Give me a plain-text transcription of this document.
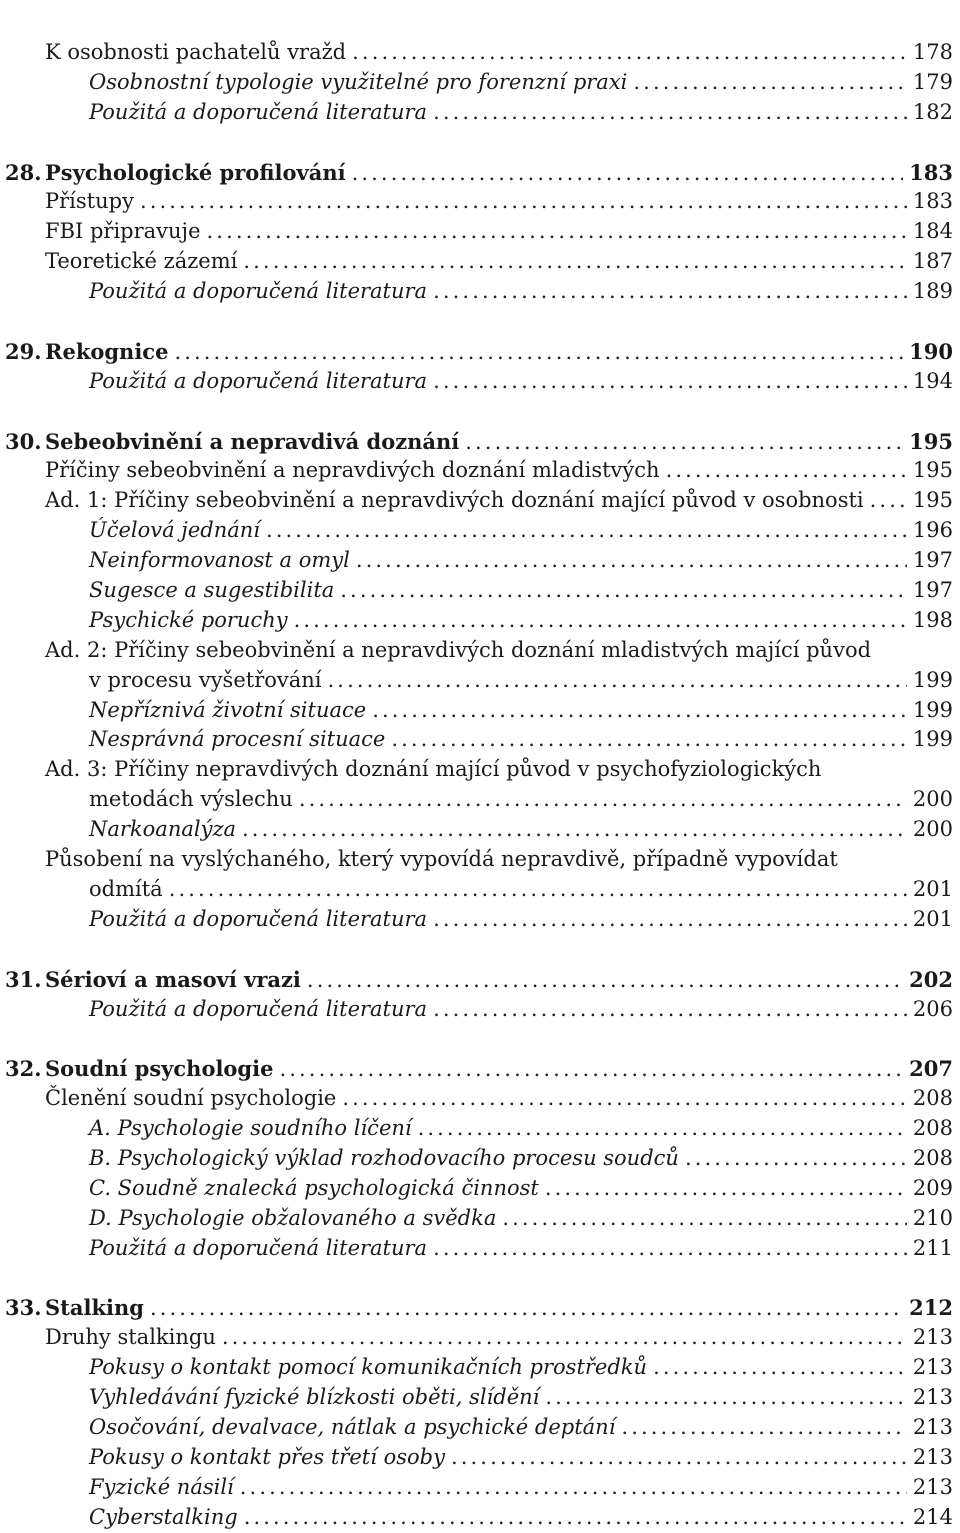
K osobnosti pachatelů vražd .....	178
Osobnostní typologie využitelné pro forenzní praxi .....	179
Použitá a doporučená literatura .....	182
28. Psychologické profilování .....	183
Přístupy .....	183
FBI připravuje .....	184
Teoretické zázemí .....	187
Použitá a doporučená literatura .....	189
29. Rekognice .....	190
Použitá a doporučená literatura .....	194
30. Sebeobvinění a nepravdivá doznání .....	195
Příčiny sebeobvinění a nepravdivých doznání mladistvých .....	195
Ad. 1: Příčiny sebeobvinění a nepravdivých doznání mající původ v osobnosti ..... 195
Účelová jednání .....	196
Neinformovanost a omyl .....	197
Sugesce a sugestibilita .....	197
Psychické poruchy .....	198
Ad. 2: Příčiny sebeobvinění a nepravdivých doznání mladistvých mající původ
v procesu vyšetřování .....	199
Nepříznivá životní situace .....	199
Nesprávná procesní situace .....	199
Ad. 3: Příčiny nepravdivých doznání mající původ v psychofyziologických
metodách výslechu .....	200
Narkoanalýza .....	200
Působení na vyslýchaného, který vypovídá nepravdivě, případně vypovídat
odmítá .....	201
Použitá a doporučená literatura .....	201
31. Sérioví a masoví vrazi .....	202
Použitá a doporučená literatura .....	206
32. Soudní psychologie .....	207
Členění soudní psychologie .....	208
A. Psychologie soudního líčení .....	208
B. Psychologický výklad rozhodovacího procesu soudců .....	208
C. Soudně znalecká psychologická činnost .....	209
D. Psychologie obžalovaného a svědka .....	210
Použitá a doporučená literatura .....	211
33. Stalking .....	212
Druhy stalkingu .....	213
Pokusy o kontakt pomocí komunikačních prostředků .....	213
Vyhledávání fyzické blízkosti oběti, slídění .....	213
Osočování, devalvace, nátlak a psychické deptání .....	213
Pokusy o kontakt přes třetí osoby .....	213
Fyzické násilí .....	213
Cyberstalking .....	214
